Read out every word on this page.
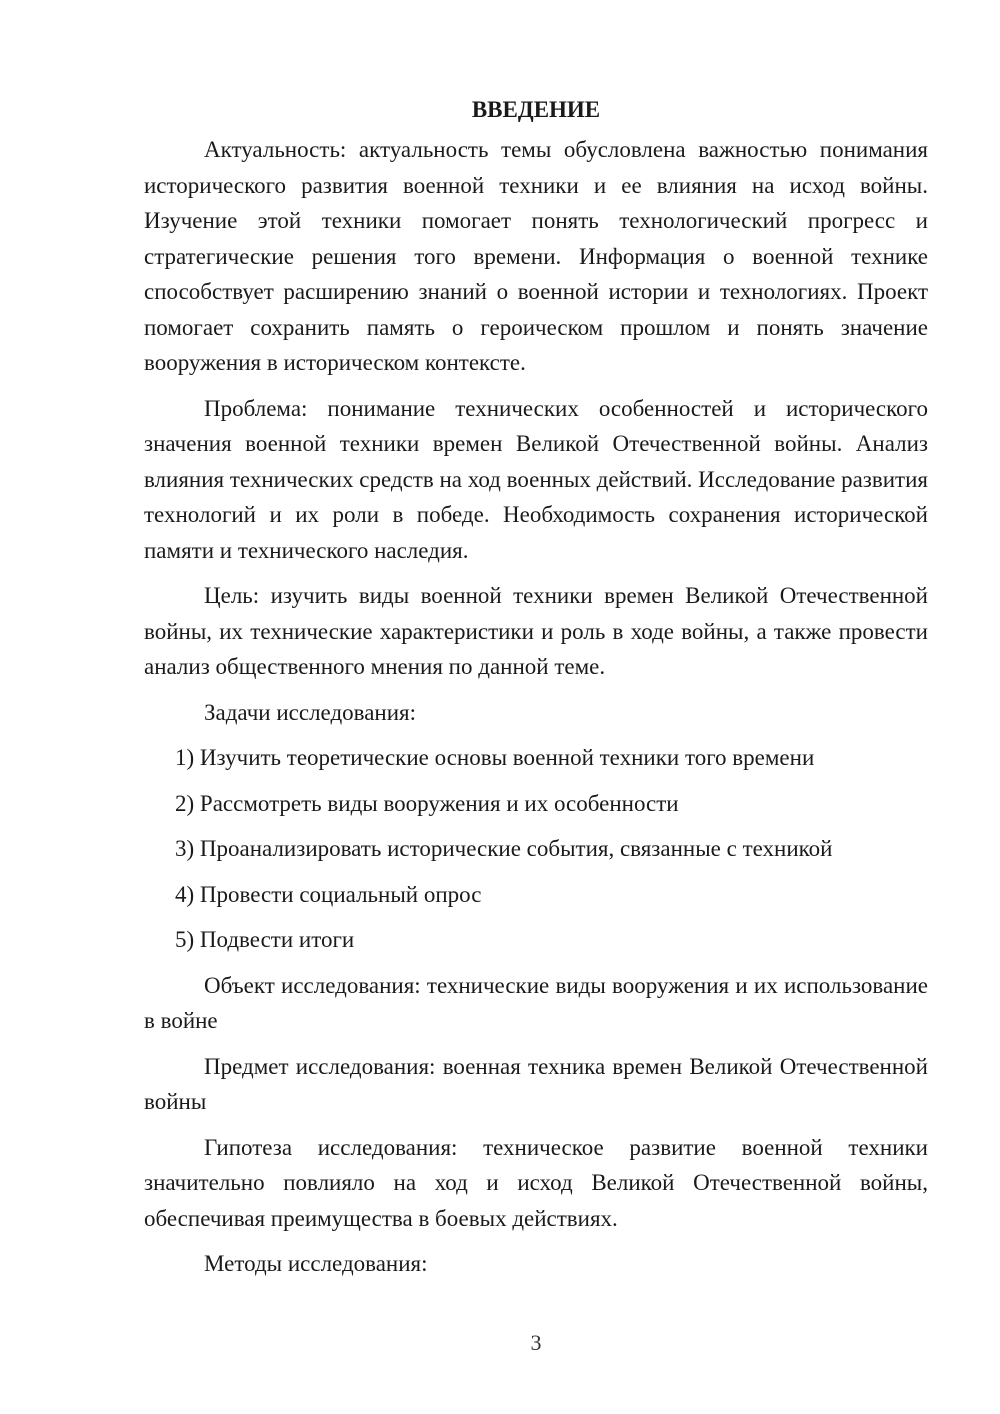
ВВЕДЕНИЕ

Актуальность: актуальность темы обусловлена важностью понимания исторического развития военной техники и ее влияния на исход войны. Изучение этой техники помогает понять технологический прогресс и стратегические решения того времени. Информация о военной технике способствует расширению знаний о военной истории и технологиях. Проект помогает сохранить память о героическом прошлом и понять значение вооружения в историческом контексте.

Проблема: понимание технических особенностей и исторического значения военной техники времен Великой Отечественной войны. Анализ влияния технических средств на ход военных действий. Исследование развития технологий и их роли в победе. Необходимость сохранения исторической памяти и технического наследия.

Цель: изучить виды военной техники времен Великой Отечественной войны, их технические характеристики и роль в ходе войны, а также провести анализ общественного мнения по данной теме.

Задачи исследования:

1) Изучить теоретические основы военной техники того времени
2) Рассмотреть виды вооружения и их особенности
3) Проанализировать исторические события, связанные с техникой
4) Провести социальный опрос
5) Подвести итоги

Объект исследования: технические виды вооружения и их использование в войне

Предмет исследования: военная техника времен Великой Отечественной войны

Гипотеза исследования: техническое развитие военной техники значительно повлияло на ход и исход Великой Отечественной войны, обеспечивая преимущества в боевых действиях.

Методы исследования:

3
